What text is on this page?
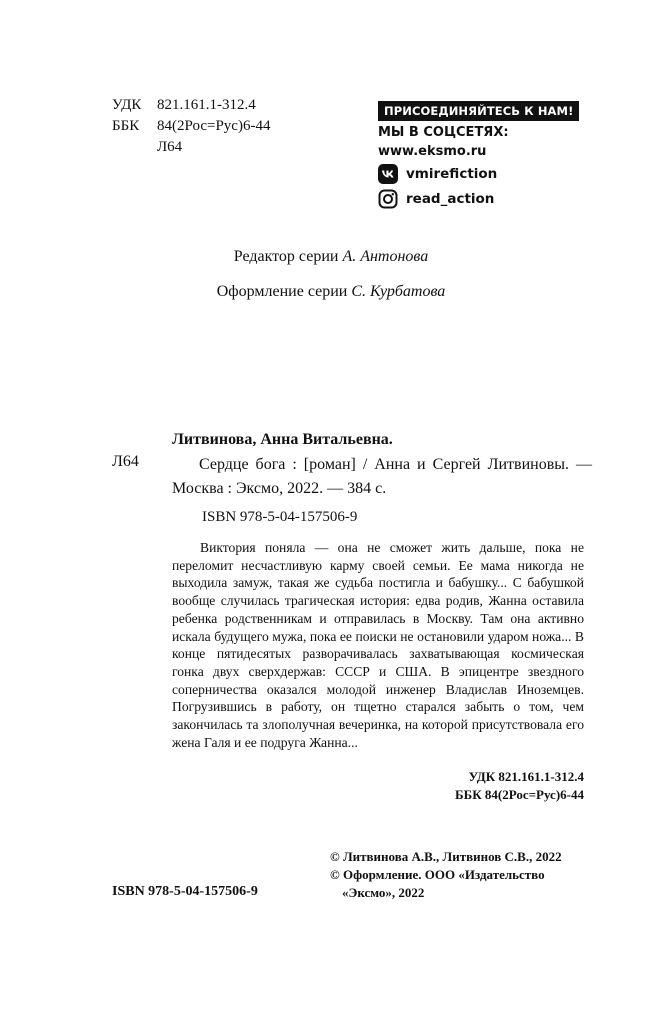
УДК	821.161.1-312.4
ББК	84(2Рос=Рус)6-44
Л64
ПРИСОЕДИНЯЙТЕСЬ К НАМ!
МЫ В СОЦСЕТЯХ:
www.eksmo.ru
vmirefiction
read_action
Редактор серии А. Антонова
Оформление серии С. Курбатова
Литвинова, Анна Витальевна.
Л64	Сердце бога : [роман] / Анна и Сергей Литвиновы. — Москва : Эксмо, 2022. — 384 с.
ISBN 978-5-04-157506-9

Виктория поняла — она не сможет жить дальше, пока не переломит несчастливую карму своей семьи. Ее мама никогда не выходила замуж, такая же судьба постигла и бабушку... С бабушкой вообще случилась трагическая история: едва родив, Жанна оставила ребенка родственникам и отправилась в Москву. Там она активно искала будущего мужа, пока ее поиски не остановили ударом ножа... В конце пятидесятых разворачивалась захватывающая космическая гонка двух сверхдержав: СССР и США. В эпицентре звездного соперничества оказался молодой инженер Владислав Иноземцев. Погрузившись в работу, он тщетно старался забыть о том, чем закончилась та злополучная вечеринка, на которой присутствовала его жена Галя и ее подруга Жанна...

УДК 821.161.1-312.4
ББК 84(2Рос=Рус)6-44
© Литвинова А.В., Литвинов С.В., 2022
© Оформление. ООО «Издательство
«Эксмо», 2022
ISBN 978-5-04-157506-9
